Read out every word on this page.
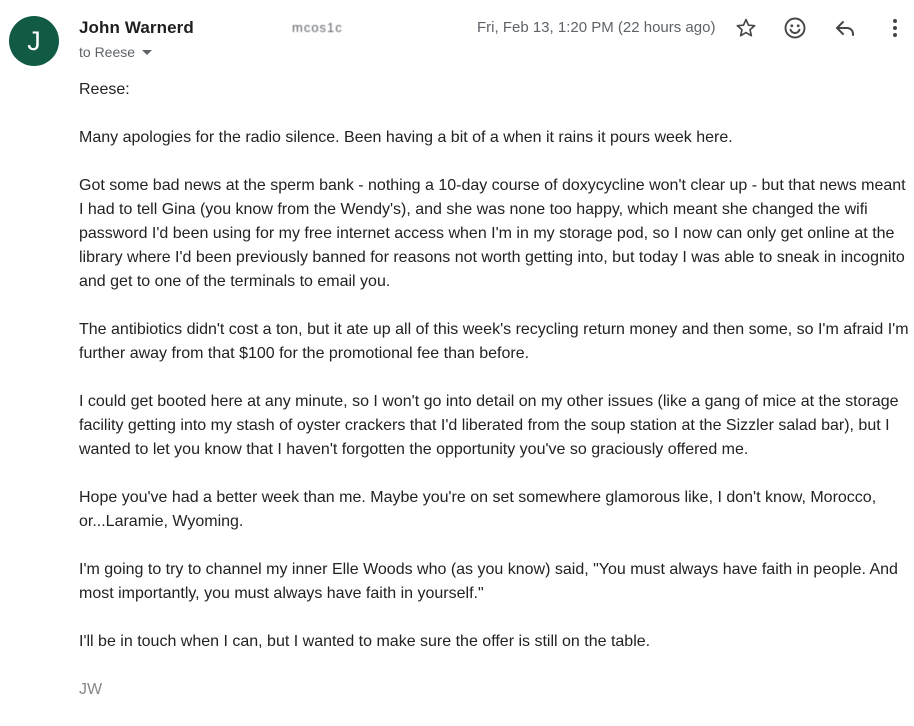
J	John Warnerd	mcos1c
to Reese
Fri, Feb 13, 1:20 PM (22 hours ago)

Reese:

Many apologies for the radio silence. Been having a bit of a when it rains it pours week here.

Got some bad news at the sperm bank - nothing a 10-day course of doxycycline won't clear up - but that news meant I had to tell Gina (you know from the Wendy's), and she was none too happy, which meant she changed the wifi password I'd been using for my free internet access when I'm in my storage pod, so I now can only get online at the library where I'd been previously banned for reasons not worth getting into, but today I was able to sneak in incognito and get to one of the terminals to email you.

The antibiotics didn't cost a ton, but it ate up all of this week's recycling return money and then some, so I'm afraid I'm further away from that $100 for the promotional fee than before.

I could get booted here at any minute, so I won't go into detail on my other issues (like a gang of mice at the storage facility getting into my stash of oyster crackers that I'd liberated from the soup station at the Sizzler salad bar), but I wanted to let you know that I haven't forgotten the opportunity you've so graciously offered me.

Hope you've had a better week than me. Maybe you're on set somewhere glamorous like, I don't know, Morocco, or...Laramie, Wyoming.

I'm going to try to channel my inner Elle Woods who (as you know) said, "You must always have faith in people. And most importantly, you must always have faith in yourself."

I'll be in touch when I can, but I wanted to make sure the offer is still on the table.

JW
